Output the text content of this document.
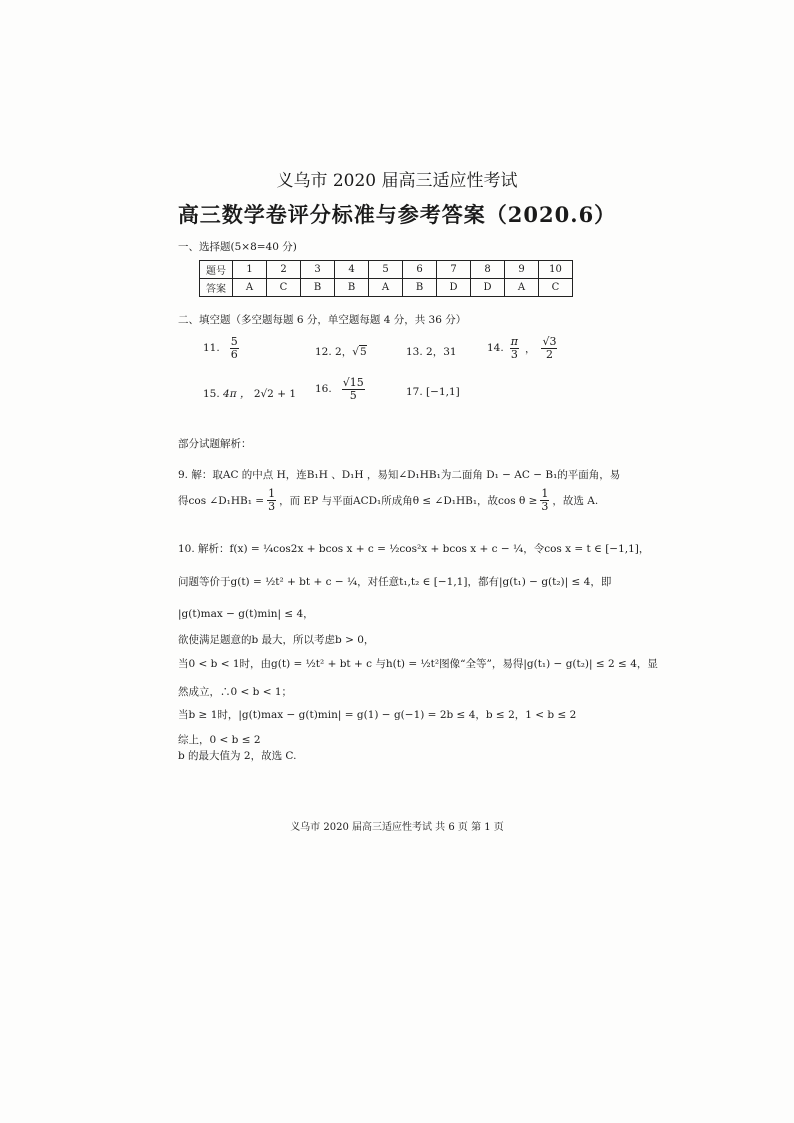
义乌市 2020 届高三适应性考试
高三数学卷评分标准与参考答案（2020.6）
一、选择题(5×8=40 分)
题号	1	2	3	4	5	6	7	8	9	10
答案	A	C	B	B	A	B	D	D	A	C
二、填空题（多空题每题 6 分，单空题每题 4 分，共 36 分）
11. $\frac{5}{6}$	12. 2，√5	13. 2，31	14. $\frac{\pi}{3}$ ， $\frac{√3}{2}$
15. 4π ， 2√2 + 1 16. $\frac{√15}{5}$	17. [−1,1]
部分试题解析：
9. 解：取AC 的中点 H，连B₁H 、D₁H ，易知∠D₁HB₁为二面角 D₁ − AC − B₁的平面角，易
得cos ∠D₁HB₁ = $\frac{1}{3}$ ，而 EP 与平面ACD₁所成角θ ≤ ∠D₁HB₁，故$\cos \theta \ge \frac{1}{3}$ ，故选 A.
10. 解析：f(x) = ¼cos2x + bcos x + c = ½cos²x + bcos x + c − ¼，令cos x = t ∈ [−1,1]，
问题等价于g(t) = ½t² + bt + c − ¼，对任意t₁,t₂ ∈ [−1,1]，都有|g(t₁) − g(t₂)| ≤ 4，即
|g(t)max − g(t)min| ≤ 4，
欲使满足题意的b 最大，所以考虑b > 0，
当0 < b < 1时，由g(t) = ½t² + bt + c 与h(t) = ½t²图像“全等”，易得|g(t₁) − g(t₂)| ≤ 2 ≤ 4，显
然成立，∴0 < b < 1；
当b ≥ 1时，|g(t)max − g(t)min| = g(1) − g(−1) = 2b ≤ 4，b ≤ 2，1 < b ≤ 2
综上，0 < b ≤ 2
b 的最大值为 2，故选 C.
义乌市 2020 届高三适应性考试 共 6 页 第 1 页
